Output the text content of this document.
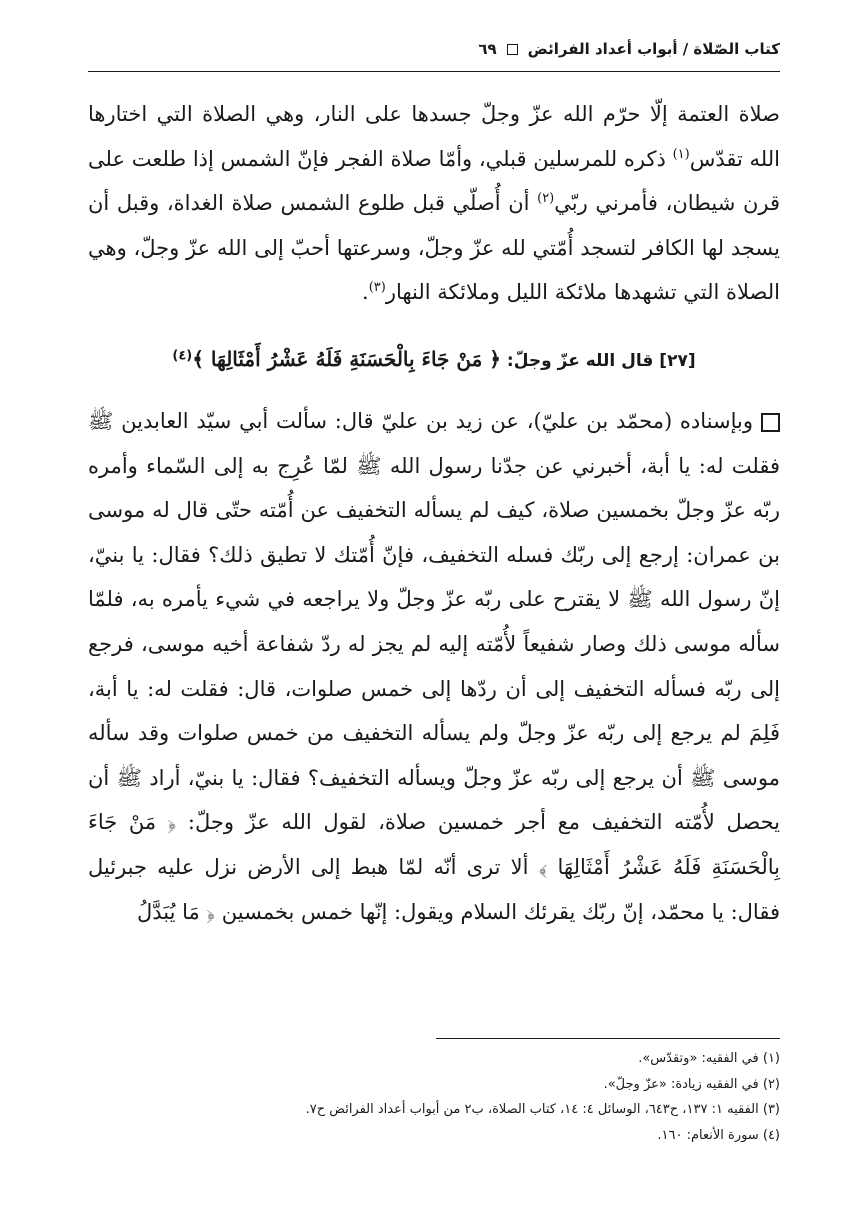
كتاب الصّلاة / أبواب أعداد الفرائض
٦٩

صلاة العتمة إلّا حرّم الله عزّ وجلّ جسدها على النار، وهي الصلاة التي اختارها الله تقدّس$^{(١)}$ ذكره للمرسلين قبلي، وأمّا صلاة الفجر فإنّ الشمس إذا طلعت على قرن شيطان، فأمرني ربّي$^{(٢)}$ أن أُصلّي قبل طلوع الشمس صلاة الغداة، وقبل أن يسجد لها الكافر لتسجد أُمّتي لله عزّ وجلّ، وسرعتها أحبّ إلى الله عزّ وجلّ، وهي الصلاة التي تشهدها ملائكة الليل وملائكة النهار$^{(٣)}$.

[٢٧] قال الله عزّ وجلّ: ﴿ مَنْ جَاءَ بِالْحَسَنَةِ فَلَهُ عَشْرُ أَمْثَالِهَا ﴾$^{(٤)}$

وبإسناده (محمّد بن عليّ)، عن زيد بن عليّ قال: سألت أبي سيّد العابدين ﷺ فقلت له: يا أبة، أخبرني عن جدّنا رسول الله ﷺ لمّا عُرِج به إلى السّماء وأمره ربّه عزّ وجلّ بخمسين صلاة، كيف لم يسأله التخفيف عن أُمّته حتّى قال له موسى بن عمران: إرجع إلى ربّك فسله التخفيف، فإنّ أُمّتك لا تطيق ذلك؟ فقال: يا بنيّ، إنّ رسول الله ﷺ لا يقترح على ربّه عزّ وجلّ ولا يراجعه في شيء يأمره به، فلمّا سأله موسى ذلك وصار شفيعاً لأُمّته إليه لم يجز له ردّ شفاعة أخيه موسى، فرجع إلى ربّه فسأله التخفيف إلى أن ردّها إلى خمس صلوات، قال: فقلت له: يا أبة، فَلِمَ لم يرجع إلى ربّه عزّ وجلّ ولم يسأله التخفيف من خمس صلوات وقد سأله موسى ﷺ أن يرجع إلى ربّه عزّ وجلّ ويسأله التخفيف؟ فقال: يا بنيّ، أراد ﷺ أن يحصل لأُمّته التخفيف مع أجر خمسين صلاة، لقول الله عزّ وجلّ: ﴿ مَنْ جَاءَ بِالْحَسَنَةِ فَلَهُ عَشْرُ أَمْثَالِهَا ﴾ ألا ترى أنّه لمّا هبط إلى الأرض نزل عليه جبرئيل فقال: يا محمّد، إنّ ربّك يقرئك السلام ويقول: إنّها خمس بخمسين ﴿ مَا يُبَدَّلُ

(١) في الفقيه: «وتقدّس».
(٢) في الفقيه زيادة: «عزّ وجلّ».
(٣) الفقيه ١: ١٣٧، ح٦٤٣، الوسائل ٤: ١٤، كتاب الصلاة، ب٢ من أبواب أعداد الفرائض ح٧.
(٤) سورة الأنعام: ١٦٠.
